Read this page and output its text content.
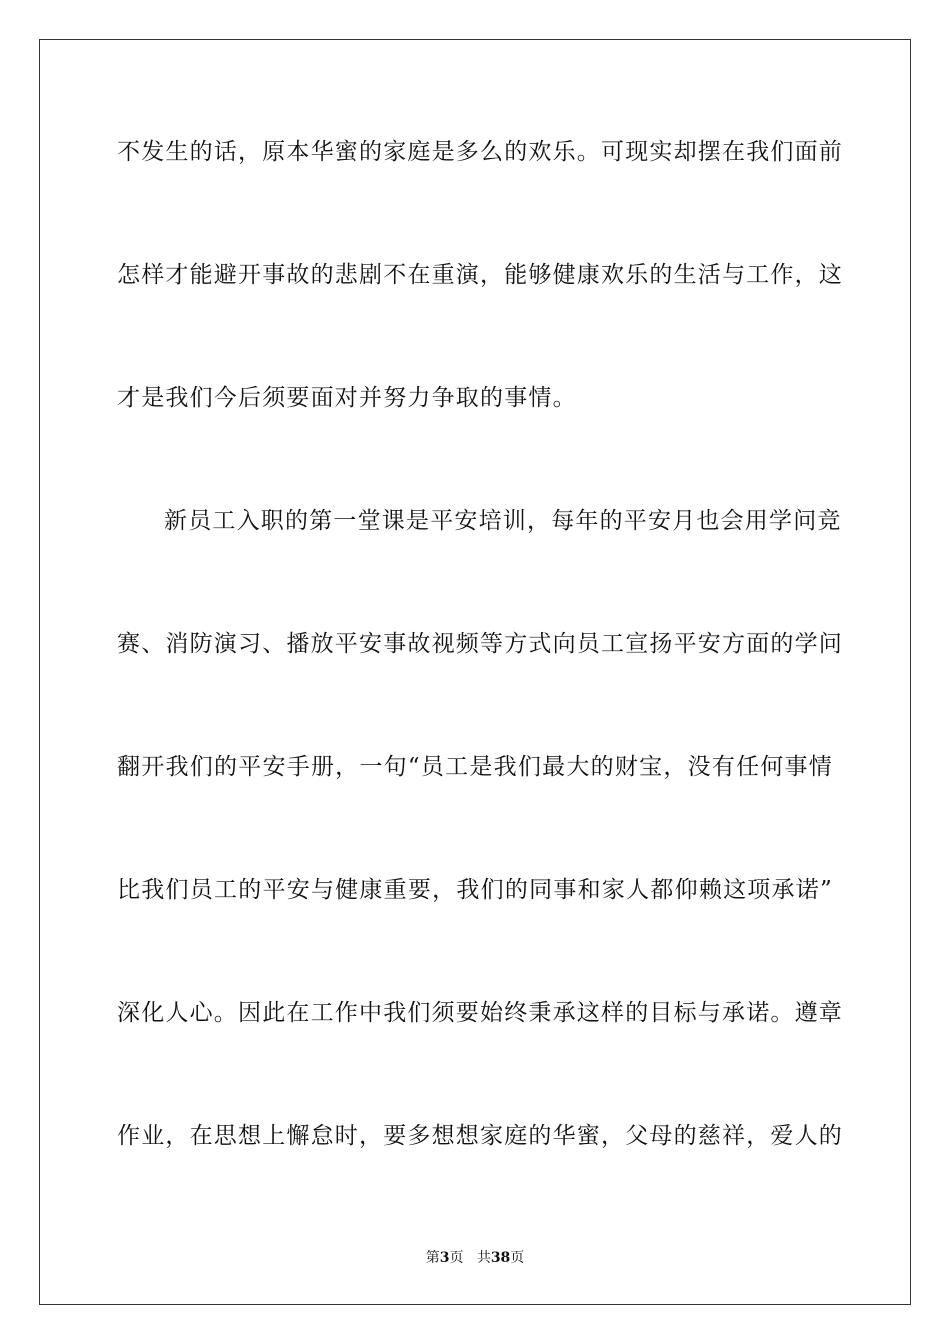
不发生的话，原本华蜜的家庭是多么的欢乐。可现实却摆在我们面前
怎样才能避开事故的悲剧不在重演，能够健康欢乐的生活与工作，这
才是我们今后须要面对并努力争取的事情。
新员工入职的第一堂课是平安培训，每年的平安月也会用学问竞
赛、消防演习、播放平安事故视频等方式向员工宣扬平安方面的学问
翻开我们的平安手册，一句“员工是我们最大的财宝，没有任何事情
比我们员工的平安与健康重要，我们的同事和家人都仰赖这项承诺”
深化人心。因此在工作中我们须要始终秉承这样的目标与承诺。遵章
作业，在思想上懈怠时，要多想想家庭的华蜜，父母的慈祥，爱人的
第3页 共38页
